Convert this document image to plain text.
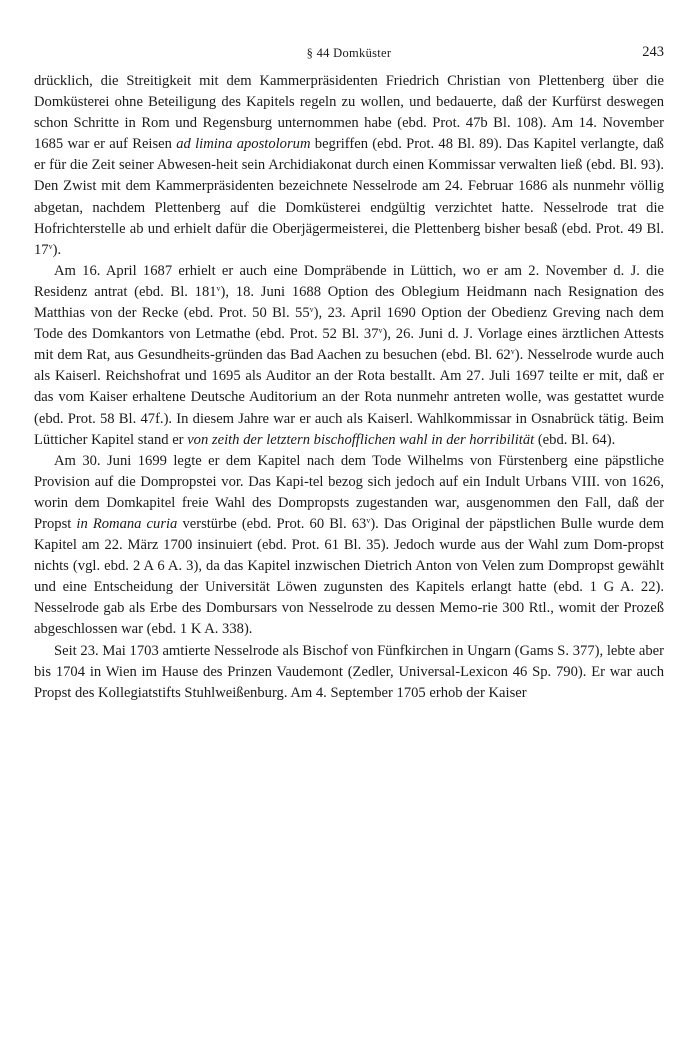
§ 44 Domküster	243

drücklich, die Streitigkeit mit dem Kammerpräsidenten Friedrich Christian von Plettenberg über die Domküsterei ohne Beteiligung des Kapitels regeln zu wollen, und bedauerte, daß der Kurfürst deswegen schon Schritte in Rom und Regensburg unternommen habe (ebd. Prot. 47b Bl. 108). Am 14. November 1685 war er auf Reisen ad limina apostolorum begriffen (ebd. Prot. 48 Bl. 89). Das Kapitel verlangte, daß er für die Zeit seiner Abwesen-heit sein Archidiakonat durch einen Kommissar verwalten ließ (ebd. Bl. 93). Den Zwist mit dem Kammerpräsidenten bezeichnete Nesselrode am 24. Februar 1686 als nunmehr völlig abgetan, nachdem Plettenberg auf die Domküsterei endgültig verzichtet hatte. Nesselrode trat die Hofrichterstelle ab und erhielt dafür die Oberjägermeisterei, die Plettenberg bisher besaß (ebd. Prot. 49 Bl. 17$^v$).

Am 16. April 1687 erhielt er auch eine Dompräbende in Lüttich, wo er am 2. November d. J. die Residenz antrat (ebd. Bl. 181$^v$), 18. Juni 1688 Option des Oblegium Heidmann nach Resignation des Matthias von der Recke (ebd. Prot. 50 Bl. 55$^v$), 23. April 1690 Option der Obedienz Greving nach dem Tode des Domkantors von Letmathe (ebd. Prot. 52 Bl. 37$^v$), 26. Juni d. J. Vorlage eines ärztlichen Attests mit dem Rat, aus Gesundheits-gründen das Bad Aachen zu besuchen (ebd. Bl. 62$^v$). Nesselrode wurde auch als Kaiserl. Reichshofrat und 1695 als Auditor an der Rota bestallt. Am 27. Juli 1697 teilte er mit, daß er das vom Kaiser erhaltene Deutsche Auditorium an der Rota nunmehr antreten wolle, was gestattet wurde (ebd. Prot. 58 Bl. 47f.). In diesem Jahre war er auch als Kaiserl. Wahlkommissar in Osnabrück tätig. Beim Lütticher Kapitel stand er von zeith der letztern bischofflichen wahl in der horribilität (ebd. Bl. 64).

Am 30. Juni 1699 legte er dem Kapitel nach dem Tode Wilhelms von Fürstenberg eine päpstliche Provision auf die Dompropstei vor. Das Kapi-tel bezog sich jedoch auf ein Indult Urbans VIII. von 1626, worin dem Domkapitel freie Wahl des Dompropsts zugestanden war, ausgenommen den Fall, daß der Propst in Romana curia verstürbe (ebd. Prot. 60 Bl. 63$^v$). Das Original der päpstlichen Bulle wurde dem Kapitel am 22. März 1700 insinuiert (ebd. Prot. 61 Bl. 35). Jedoch wurde aus der Wahl zum Dom-propst nichts (vgl. ebd. 2 A 6 A. 3), da das Kapitel inzwischen Dietrich Anton von Velen zum Dompropst gewählt und eine Entscheidung der Universität Löwen zugunsten des Kapitels erlangt hatte (ebd. 1 G A. 22). Nesselrode gab als Erbe des Dombursars von Nesselrode zu dessen Memo-rie 300 Rtl., womit der Prozeß abgeschlossen war (ebd. 1 K A. 338).

Seit 23. Mai 1703 amtierte Nesselrode als Bischof von Fünfkirchen in Ungarn (Gams S. 377), lebte aber bis 1704 in Wien im Hause des Prinzen Vaudemont (Zedler, Universal-Lexicon 46 Sp. 790). Er war auch Propst des Kollegiatstifts Stuhlweißenburg. Am 4. September 1705 erhob der Kaiser
